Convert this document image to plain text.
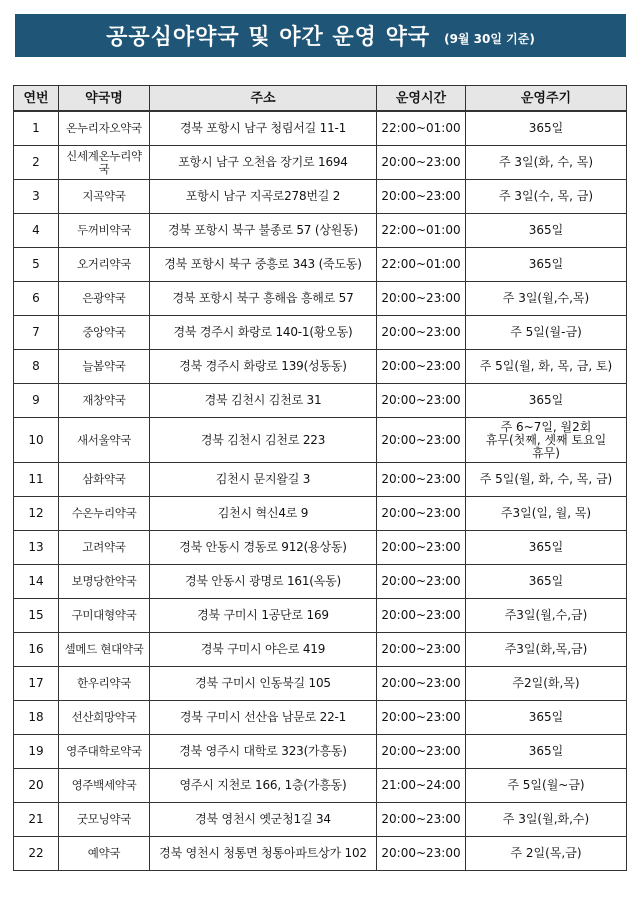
공공심야약국 및 야간 운영 약국 (9월 30일 기준)
연번	약국명	주소	운영시간	운영주기
1	온누리자오약국	경북 포항시 남구 청림서길 11-1	22:00~01:00	365일

2	신세계온누리약국	포항시 남구 오천읍 장기로 1694	20:00~23:00	주 3일(화, 수, 목)

3	지곡약국	포항시 남구 지곡로278번길 2	20:00~23:00	주 3일(수, 목, 금)

4	두꺼비약국	경북 포항시 북구 불종로 57 (상원동)	22:00~01:00	365일

5	오거리약국	경북 포항시 북구 중흥로 343 (죽도동)	22:00~01:00	365일

6	은광약국	경북 포항시 북구 흥해읍 흥해로 57	20:00~23:00	주 3일(월,수,목)

7	중앙약국	경북 경주시 화랑로 140-1(황오동)	20:00~23:00	주 5일(월-금)

8	늘봄약국	경북 경주시 화랑로 139(성동동)	20:00~23:00	주 5일(월, 화, 목, 금, 토)

9	재창약국	경북 김천시 김천로 31	20:00~23:00	365일

10	새서울약국	경북 김천시 김천로 223	20:00~23:00	주 6~7일, 월2회
휴무(첫째, 셋째 토요일
휴무)

11	삼화약국	김천시 문지왈길 3	20:00~23:00	주 5일(월, 화, 수, 목, 금)

12	수온누리약국	김천시 혁신4로 9	20:00~23:00	주3일(일, 월, 목)

13	고려약국	경북 안동시 경동로 912(용상동)	20:00~23:00	365일

14	보명당한약국	경북 안동시 광명로 161(옥동)	20:00~23:00	365일

15	구미대형약국	경북 구미시 1공단로 169	20:00~23:00	주3일(월,수,금)

16	셀메드 현대약국	경북 구미시 야은로 419	20:00~23:00	주3일(화,목,금)

17	한우리약국	경북 구미시 인동북길 105	20:00~23:00	주2일(화,목)

18	선산희망약국	경북 구미시 선산읍 남문로 22-1	20:00~23:00	365일

19	영주대학로약국	경북 영주시 대학로 323(가흥동)	20:00~23:00	365일

20	영주백세약국	영주시 지천로 166, 1층(가흥동)	21:00~24:00	주 5일(월~금)

21	굿모닝약국	경북 영천시 옛군청1길 34	20:00~23:00	주 3일(월,화,수)

22	예약국	경북 영천시 청통면 청통아파트상가 102	20:00~23:00	주 2일(목,금)
